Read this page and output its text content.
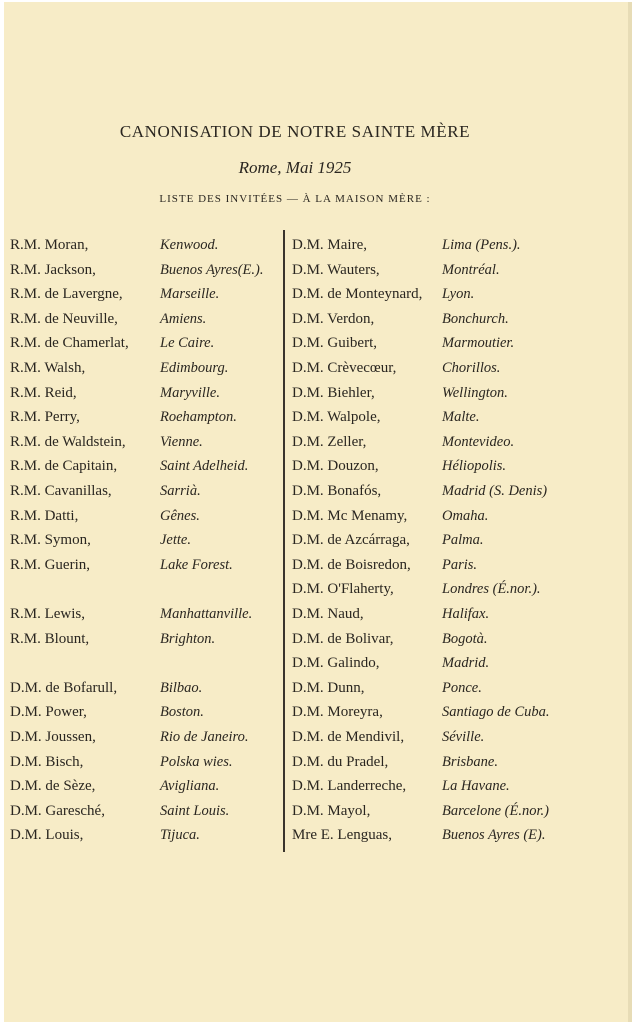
CANONISATION DE NOTRE SAINTE MÈRE
Rome, Mai 1925
LISTE DES INVITÉES — À LA MAISON MÈRE :
R.M. Moran,	Kenwood.
R.M. Jackson,	Buenos Ayres(E.).
R.M. de Lavergne,	Marseille.
R.M. de Neuville,	Amiens.
R.M. de Chamerlat, Le Caire.
R.M. Walsh,	Edimbourg.
R.M. Reid,	Maryville.
R.M. Perry,	Roehampton.
R.M. de Waldstein, Vienne.
R.M. de Capitain,	Saint Adelheid.
R.M. Cavanillas,	Sarrià.
R.M. Datti,	Gênes.
R.M. Symon,	Jette.
R.M. Guerin,	Lake Forest.
R.M. Lewis,	Manhattanville.
R.M. Blount,	Brighton.
D.M. de Bofarull,	Bilbao.
D.M. Power,	Boston.
D.M. Joussen,	Rio de Janeiro.
D.M. Bisch,	Polska wies.
D.M. de Sèze,	Avigliana.
D.M. Garesché,	Saint Louis.
D.M. Louis,	Tijuca.
D.M. Maire,	Lima (Pens.).
D.M. Wauters,	Montréal.
D.M. de Monteynard, Lyon.
D.M. Verdon,	Bonchurch.
D.M. Guibert,	Marmoutier.
D.M. Crèvecœur,	Chorillos.
D.M. Biehler,	Wellington.
D.M. Walpole,	Malte.
D.M. Zeller,	Montevideo.
D.M. Douzon,	Héliopolis.
D.M. Bonafós,	Madrid (S. Denis)
D.M. Mc Menamy, Omaha.
D.M. de Azcárraga, Palma.
D.M. de Boisredon, Paris.
D.M. O'Flaherty,	Londres (É.nor.).
D.M. Naud,	Halifax.
D.M. de Bolivar,	Bogotà.
D.M. Galindo,	Madrid.
D.M. Dunn,	Ponce.
D.M. Moreyra,	Santiago de Cuba.
D.M. de Mendivil,	Séville.
D.M. du Pradel,	Brisbane.
D.M. Landerreche, La Havane.
D.M. Mayol,	Barcelone (É.nor.)
Mre E. Lenguas,	Buenos Ayres (E).
